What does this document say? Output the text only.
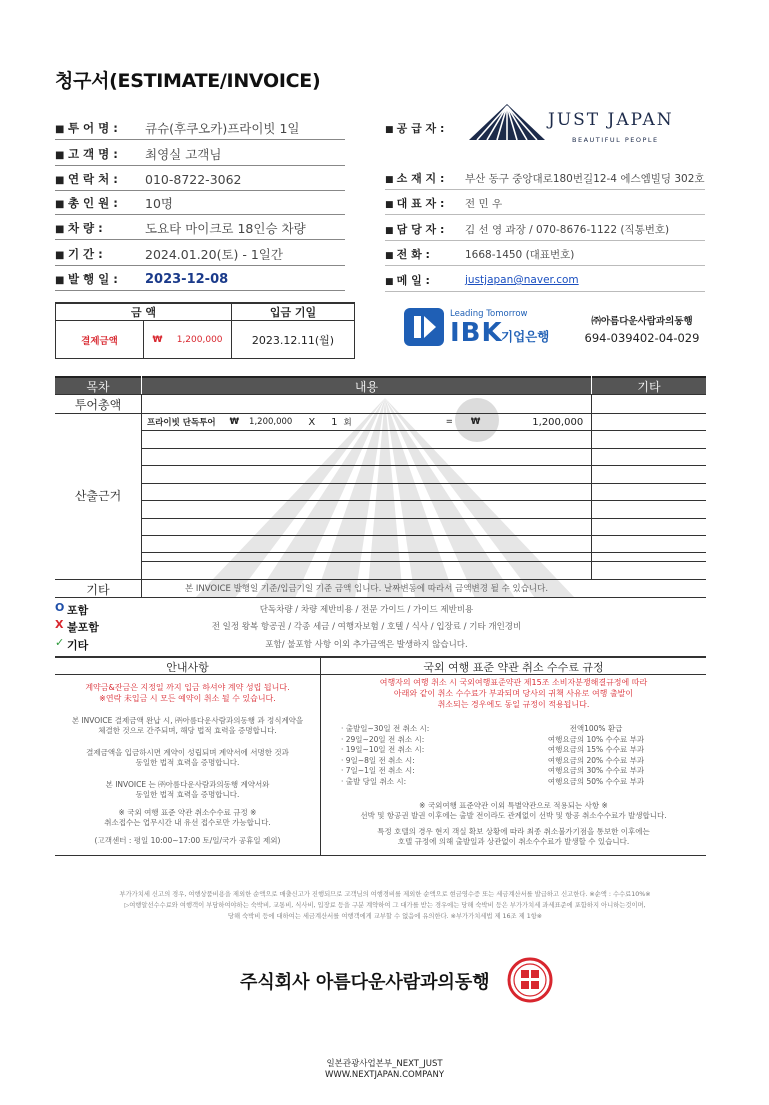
청구서(ESTIMATE/INVOICE)
■ 투 어 명 :	큐슈(후쿠오카)프라이빗 1일
■ 고 객 명 :	최영실 고객님
■ 연 락 처 :	010-8722-3062
■ 총 인 원 :	10명
■ 차 량 :	도요타 마이크로 18인승 차량
■ 기 간 :	2024.01.20(토) - 1일간
■ 발 행 일 :	2023-12-08
■ 공 급 자 :	JUST JAPAN
BEAUTIFUL PEOPLE
■ 소 재 지 :	부산 동구 중앙대로180번길12-4 에스엠빌딩 302호
■ 대 표 자 :	전 민 우
■ 담 당 자 :	김 선 영 과장 / 070-8676-1122 (직통번호)
■ 전 화 :	1668-1450 (대표번호)
■ 메 일 :	justjapan@naver.com
금 액		입금 기일
결제금액	₩ 1,200,000	2023.12.11(월)
Leading Tomorrow
IBK
기업은행
㈜아름다운사람과의동행
694-039402-04-029
목차	내용	기타
투어총액
산출근거
기타
프라이빗 단독투어 ₩ 1,200,000 X 1 회	= ₩	1,200,000
본 INVOICE 발행일 기준/입금기일 기준 금액 입니다. 날짜변동에 따라서 금액변경 될 수 있습니다.
O 포함	단독차량 / 차량 제반비용 / 전문 가이드 / 가이드 제반비용
X 불포함	전 일정 왕복 항공권 / 각종 세금 / 여행자보험 / 호텔 / 식사 / 입장료 / 기타 개인경비
✓ 기타	포함/ 불포함 사항 이외 추가금액은 발생하지 않습니다.
안내사항	국외 여행 표준 약관 취소 수수료 규정
계약금&잔금은 지정일 까지 입금 하셔야 계약 성립 됩니다.
※연락 未입금 시 모든 예약이 취소 될 수 있습니다.
본 INVOICE 결제금액 완납 시, ㈜아름다운사람과의동행 과 정식계약을
체결한 것으로 간주되며, 해당 법적 효력을 증명합니다.
결제금액을 입금하시면 계약이 성립되며 계약서에 서명한 것과
동일한 법적 효력을 증명합니다.
본 INVOICE 는 ㈜아름다운사람과의동행 계약서와
동일한 법적 효력을 증명합니다.
※ 국외 여행 표준 약관 취소수수료 규정 ※
취소접수는 업무시간 내 유선 접수로만 가능합니다.
(고객센터 : 평일 10:00~17:00 토/일/국가 공휴일 제외)
여행자의 여행 취소 시 국외여행표준약관 제15조 소비자분쟁해결규정에 따라
아래와 같이 취소 수수료가 부과되며 당사의 귀책 사유로 여행 출발이
취소되는 경우에도 동일 규정이 적용됩니다.
· 출발일~30일 전 취소 시:	전액100% 환급
· 29일~20일 전 취소 시:	여행요금의 10% 수수료 부과
· 19일~10일 전 취소 시:	여행요금의 15% 수수료 부과
· 9일~8일 전 취소 시:	여행요금의 20% 수수료 부과
· 7일~1일 전 취소 시:	여행요금의 30% 수수료 부과
· 출발 당일 취소 시:	여행요금의 50% 수수료 부과
※ 국외여행 표준약관 이외 특별약관으로 적용되는 사항 ※
선박 및 항공권 발권 이후에는 출발 전이라도 관계없이 선박 및 항공 취소수수료가 발생합니다.
특정 호텔의 경우 현지 객실 확보 상황에 따라 최종 취소불가기점을 통보한 이후에는
호텔 규정에 의해 출발일과 상관없이 취소수수료가 발생할 수 있습니다.
부가가치세 신고의 경우, 여행상품비용을 제외한 순액으로 매출신고가 진행되므로 고객님의 여행경비를 제외한 순액으로 현금영수증 또는 세금계산서를 발급하고 신고한다. ※순액 : 수수료10%※
▷여행알선수수료와 여행객이 부담하여야하는 숙박비, 교통비, 식사비, 입장료 등을 구분 계약하여 그 대가를 받는 경우에는 당해 숙박비 등은 부가가치세 과세표준에 포함하지 아니하는것이며,
당해 숙박비 등에 대하여는 세금계산서를 여행객에게 교부할 수 없음에 유의한다. ※부가가치세법 제 16조 제 1항※
주식회사 아름다운사람과의동행
일본관광사업본부_NEXT_JUST
WWW.NEXTJAPAN.COMPANY
